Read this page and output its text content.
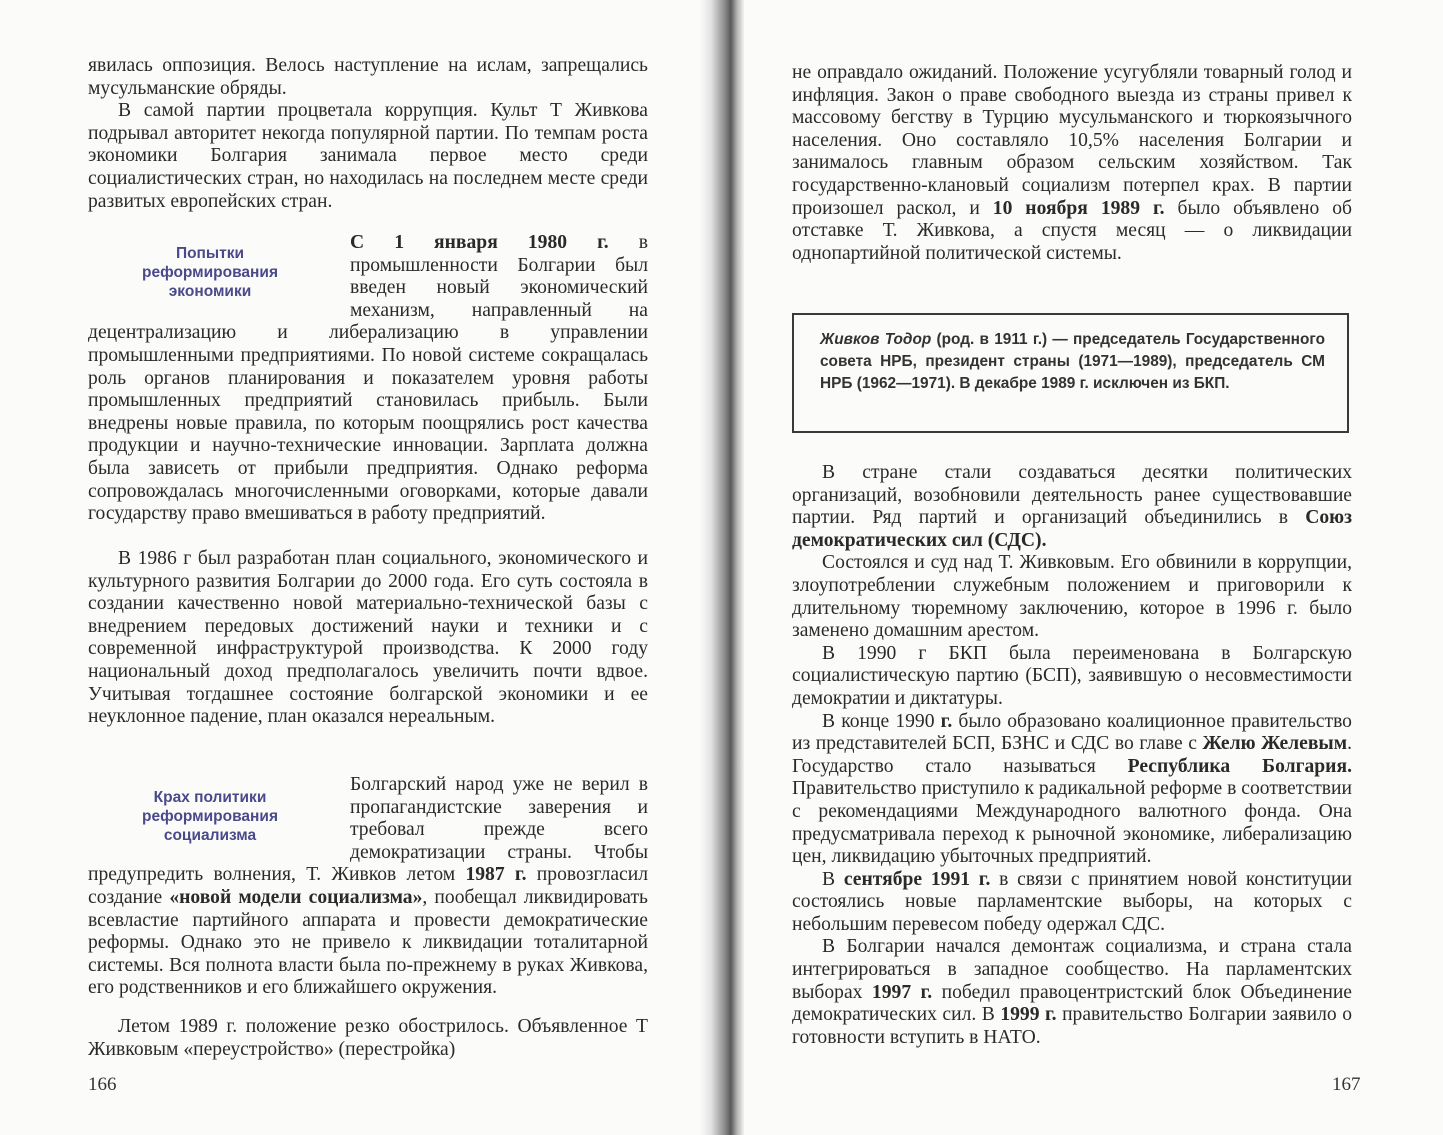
явилась оппозиция. Велось наступление на ислам, запрещались мусульманские обряды.

В самой партии процветала коррупция. Культ Т Живкова подрывал авторитет некогда популярной партии. По темпам роста экономики Болгария занимала первое место среди социалистических стран, но находилась на последнем месте среди развитых европейских стран.

Попытки реформирования экономики
С 1 января 1980 г. в промышленности Болгарии был введен новый экономический механизм, направленный на децентрализацию и либерализацию в управлении промышленными предприятиями. По новой системе сокращалась роль органов планирования и показателем уровня работы промышленных предприятий становилась прибыль. Были внедрены новые правила, по которым поощрялись рост качества продукции и научно-технические инновации. Зарплата должна была зависеть от прибыли предприятия. Однако реформа сопровождалась многочисленными оговорками, которые давали государству право вмешиваться в работу предприятий.
В 1986 г был разработан план социального, экономического и культурного развития Болгарии до 2000 года. Его суть состояла в создании качественно новой материально-технической базы с внедрением передовых достижений науки и техники и с современной инфраструктурой производства. К 2000 году национальный доход предполагалось увеличить почти вдвое. Учитывая тогдашнее состояние болгарской экономики и ее неуклонное падение, план оказался нереальным.
Крах политики реформирования социализма
Болгарский народ уже не верил в пропагандистские заверения и требовал прежде всего демократизации страны. Чтобы предупредить волнения, Т. Живков летом 1987 г. провозгласил создание «новой модели социализма», пообещал ликвидировать всевластие партийного аппарата и провести демократические реформы. Однако это не привело к ликвидации тоталитарной системы. Вся полнота власти была по-прежнему в руках Живкова, его родственников и его ближайшего окружения.
Летом 1989 г. положение резко обострилось. Объявленное Т Живковым «переустройство» (перестройка)
166
не оправдало ожиданий. Положение усугубляли товарный голод и инфляция. Закон о праве свободного выезда из страны привел к массовому бегству в Турцию мусульманского и тюркоязычного населения. Оно составляло 10,5% населения Болгарии и занималось главным образом сельским хозяйством. Так государственно-клановый социализм потерпел крах. В партии произошел раскол, и 10 ноября 1989 г. было объявлено об отставке Т. Живкова, а спустя месяц — о ликвидации однопартийной политической системы.

В стране стали создаваться десятки политических организаций, возобновили деятельность ранее существовавшие партии. Ряд партий и организаций объединились в Союз демократических сил (СДС).

Состоялся и суд над Т. Живковым. Его обвинили в коррупции, злоупотреблении служебным положением и приговорили к длительному тюремному заключению, которое в 1996 г. было заменено домашним арестом.

В 1990 г БКП была переименована в Болгарскую социалистическую партию (БСП), заявившую о несовместимости демократии и диктатуры.

В конце 1990 г. было образовано коалиционное правительство из представителей БСП, БЗНС и СДС во главе с Желю Желевым. Государство стало называться Республика Болгария. Правительство приступило к радикальной реформе в соответствии с рекомендациями Международного валютного фонда. Она предусматривала переход к рыночной экономике, либерализацию цен, ликвидацию убыточных предприятий.

В сентябре 1991 г. в связи с принятием новой конституции состоялись новые парламентские выборы, на которых с небольшим перевесом победу одержал СДС.

В Болгарии начался демонтаж социализма, и страна стала интегрироваться в западное сообщество. На парламентских выборах 1997 г. победил правоцентристский блок Объединение демократических сил. В 1999 г. правительство Болгарии заявило о готовности вступить в НАТО.

167
Живков Тодор (род. в 1911 г.) — председатель Государственного совета НРБ, президент страны (1971—1989), председатель СМ НРБ (1962—1971). В декабре 1989 г. исключен из БКП.
